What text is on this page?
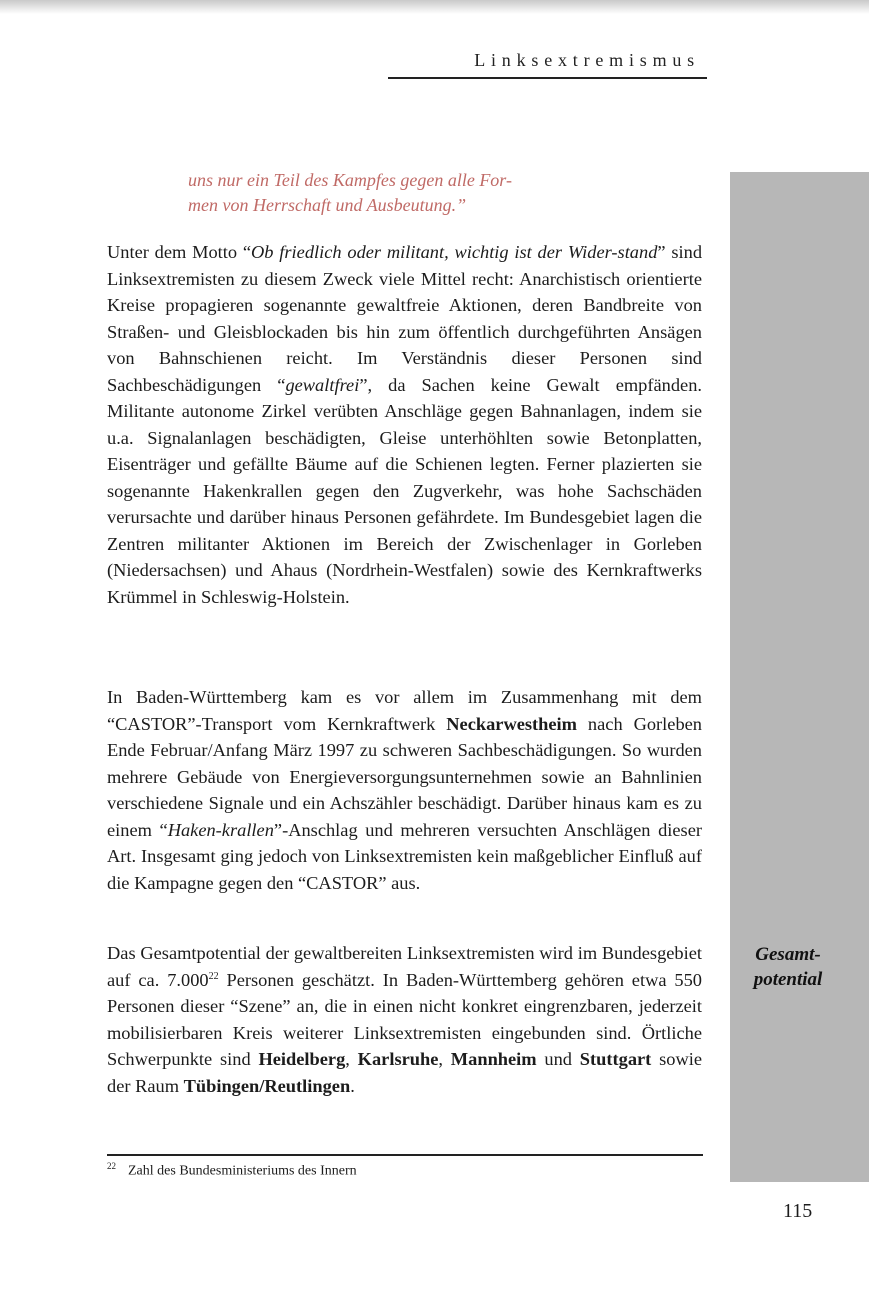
Linksextremismus

uns nur ein Teil des Kampfes gegen alle For-
men von Herrschaft und Ausbeutung.”

Unter dem Motto “Ob friedlich oder militant, wichtig ist der Wider-stand” sind Linksextremisten zu diesem Zweck viele Mittel recht: Anarchistisch orientierte Kreise propagieren sogenannte gewaltfreie Aktionen, deren Bandbreite von Straßen- und Gleisblockaden bis hin zum öffentlich durchgeführten Ansägen von Bahnschienen reicht. Im Verständnis dieser Personen sind Sachbeschädigungen “gewaltfrei”, da Sachen keine Gewalt empfänden. Militante autonome Zirkel verübten Anschläge gegen Bahnanlagen, indem sie u.a. Signalanlagen beschädigten, Gleise unterhöhlten sowie Betonplatten, Eisenträger und gefällte Bäume auf die Schienen legten. Ferner plazierten sie sogenannte Hakenkrallen gegen den Zugverkehr, was hohe Sachschäden verursachte und darüber hinaus Personen gefährdete. Im Bundesgebiet lagen die Zentren militanter Aktionen im Bereich der Zwischenlager in Gorleben (Niedersachsen) und Ahaus (Nordrhein-Westfalen) sowie des Kernkraftwerks Krümmel in Schleswig-Holstein.

In Baden-Württemberg kam es vor allem im Zusammenhang mit dem “CASTOR”-Transport vom Kernkraftwerk Neckarwestheim nach Gorleben Ende Februar/Anfang März 1997 zu schweren Sachbeschädigungen. So wurden mehrere Gebäude von Energieversorgungsunternehmen sowie an Bahnlinien verschiedene Signale und ein Achszähler beschädigt. Darüber hinaus kam es zu einem “Haken-krallen”-Anschlag und mehreren versuchten Anschlägen dieser Art. Insgesamt ging jedoch von Linksextremisten kein maßgeblicher Einfluß auf die Kampagne gegen den “CASTOR” aus.

Das Gesamtpotential der gewaltbereiten Linksextremisten wird im Bundesgebiet auf ca. 7.000$^{22}$ Personen geschätzt. In Baden-Württemberg gehören etwa 550 Personen dieser “Szene” an, die in einen nicht konkret eingrenzbaren, jederzeit mobilisierbaren Kreis weiterer Linksextremisten eingebunden sind. Örtliche Schwerpunkte sind Heidelberg, Karlsruhe, Mannheim und Stuttgart sowie der Raum Tübingen/Reutlingen.

Gesamt-
potential
$^{22}$ Zahl des Bundesministeriums des Innern
115
